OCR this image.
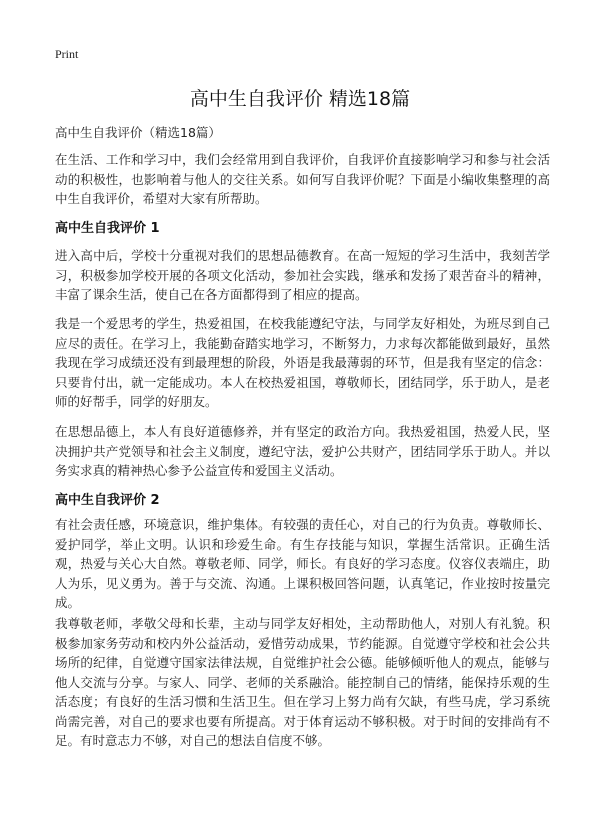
Print
高中生自我评价 精选18篇
高中生自我评价（精选18篇）

在生活、工作和学习中，我们会经常用到自我评价，自我评价直接影响学习和参与社会活动的积极性，也影响着与他人的交往关系。如何写自我评价呢？下面是小编收集整理的高中生自我评价，希望对大家有所帮助。

高中生自我评价 1

进入高中后，学校十分重视对我们的思想品德教育。在高一短短的学习生活中，我刻苦学习，积极参加学校开展的各项文化活动，参加社会实践，继承和发扬了艰苦奋斗的精神，丰富了课余生活，使自己在各方面都得到了相应的提高。

我是一个爱思考的学生，热爱祖国，在校我能遵纪守法，与同学友好相处，为班尽到自己应尽的责任。在学习上，我能勤奋踏实地学习，不断努力，力求每次都能做到最好，虽然我现在学习成绩还没有到最理想的阶段，外语是我最薄弱的环节，但是我有坚定的信念：只要肯付出，就一定能成功。本人在校热爱祖国，尊敬师长，团结同学，乐于助人，是老师的好帮手，同学的好朋友。

在思想品德上，本人有良好道德修养，并有坚定的政治方向。我热爱祖国，热爱人民，坚决拥护共产党领导和社会主义制度，遵纪守法，爱护公共财产，团结同学乐于助人。并以务实求真的精神热心参予公益宣传和爱国主义活动。

高中生自我评价 2

有社会责任感，环境意识，维护集体。有较强的责任心，对自己的行为负责。尊敬师长、爱护同学，举止文明。认识和珍爱生命。有生存技能与知识，掌握生活常识。正确生活观，热爱与关心大自然。尊敬老师、同学，师长。有良好的学习态度。仪容仪表端庄，助人为乐，见义勇为。善于与交流、沟通。上课积极回答问题，认真笔记，作业按时按量完成。

我尊敬老师，孝敬父母和长辈，主动与同学友好相处，主动帮助他人，对别人有礼貌。积极参加家务劳动和校内外公益活动，爱惜劳动成果，节约能源。自觉遵守学校和社会公共场所的纪律，自觉遵守国家法律法规，自觉维护社会公德。能够倾听他人的观点，能够与他人交流与分享。与家人、同学、老师的关系融洽。能控制自己的情绪，能保持乐观的生活态度；有良好的生活习惯和生活卫生。但在学习上努力尚有欠缺，有些马虎，学习系统尚需完善，对自己的要求也要有所提高。对于体育运动不够积极。对于时间的安排尚有不足。有时意志力不够，对自己的想法自信度不够。
